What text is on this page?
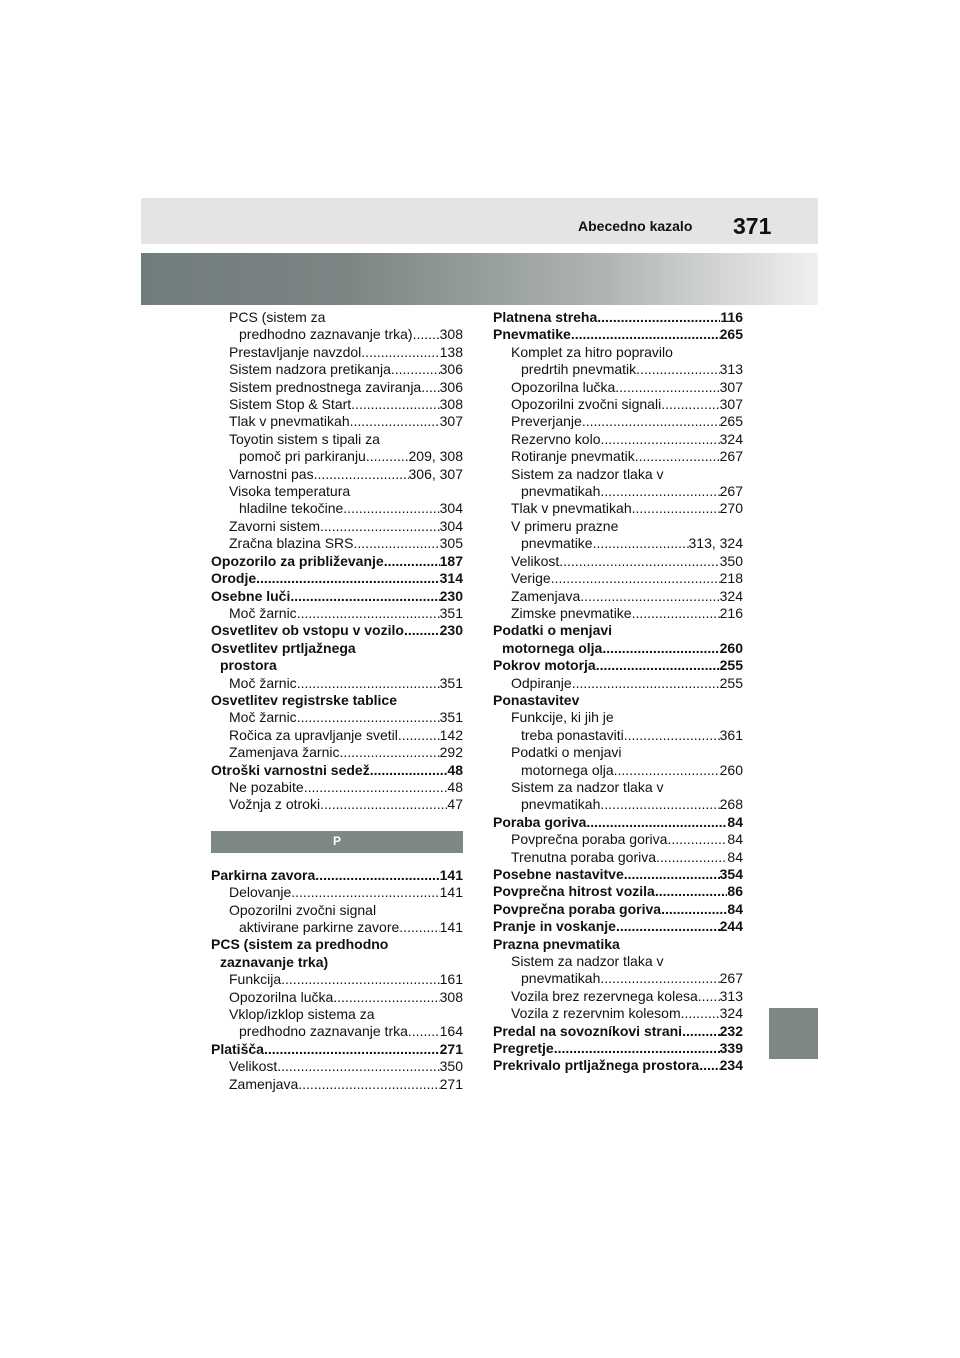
Abecedno kazalo 371
PCS (sistem za
predhodno zaznavanje trka) ..... 308
Prestavljanje navzdol .....	138
Sistem nadzora pretikanja .....	306
Sistem prednostnega zaviranja ..... 306
Sistem Stop & Start .....	308
Tlak v pnevmatikah .....	307
Toyotin sistem s tipali za
pomoč pri parkiranju .....	209, 308
Varnostni pas .....	306, 307
Visoka temperatura
hladilne tekočine .....	304
Zavorni sistem .....	304
Zračna blazina SRS .....	305
Opozorilo za približevanje .....	187
Orodje .....	314
Osebne luči .....	230
Moč žarnic .....	351
Osvetlitev ob vstopu v vozilo .....	230
Osvetlitev prtljažnega
prostora
Moč žarnic .....	351
Osvetlitev registrske tablice
Moč žarnic .....	351
Ročica za upravljanje svetil .....	142
Zamenjava žarnic .....	292
Otroški varnostni sedež .....	48
Ne pozabite .....	48
Vožnja z otroki .....	47
P
Parkirna zavora .....	141
Delovanje .....	141
Opozorilni zvočni signal
aktivirane parkirne zavore .....	141
PCS (sistem za predhodno
zaznavanje trka)
Funkcija .....	161
Opozorilna lučka .....	308
Vklop/izklop sistema za
predhodno zaznavanje trka ..... 164
Platišča .....	271
Velikost .....	350
Zamenjava .....	271
Platnena streha .....	116
Pnevmatike .....	265
Komplet za hitro popravilo
predrtih pnevmatik .....	313
Opozorilna lučka .....	307
Opozorilni zvočni signali .....	307
Preverjanje .....	265
Rezervno kolo .....	324
Rotiranje pnevmatik .....	267
Sistem za nadzor tlaka v
pnevmatikah .....	267
Tlak v pnevmatikah .....	270
V primeru prazne
pnevmatike .....	313, 324
Velikost .....	350
Verige .....	218
Zamenjava .....	324
Zimske pnevmatike .....	216
Podatki o menjavi
motornega olja .....	260
Pokrov motorja .....	255
Odpiranje .....	255
Ponastavitev
Funkcije, ki jih je
treba ponastaviti .....	361
Podatki o menjavi
motornega olja .....	260
Sistem za nadzor tlaka v
pnevmatikah .....	268
Poraba goriva .....	84
Povprečna poraba goriva .....	84
Trenutna poraba goriva .....	84
Posebne nastavitve .....	354
Povprečna hitrost vozila .....	86
Povprečna poraba goriva .....	84
Pranje in voskanje .....	244
Prazna pnevmatika
Sistem za nadzor tlaka v
pnevmatikah .....	267
Vozila brez rezervnega kolesa ..... 313
Vozila z rezervnim kolesom .....	324
Predal na sovozníkovi strani .....	232
Pregretje .....	339
Prekrivalo prtljažnega prostora ..... 234
